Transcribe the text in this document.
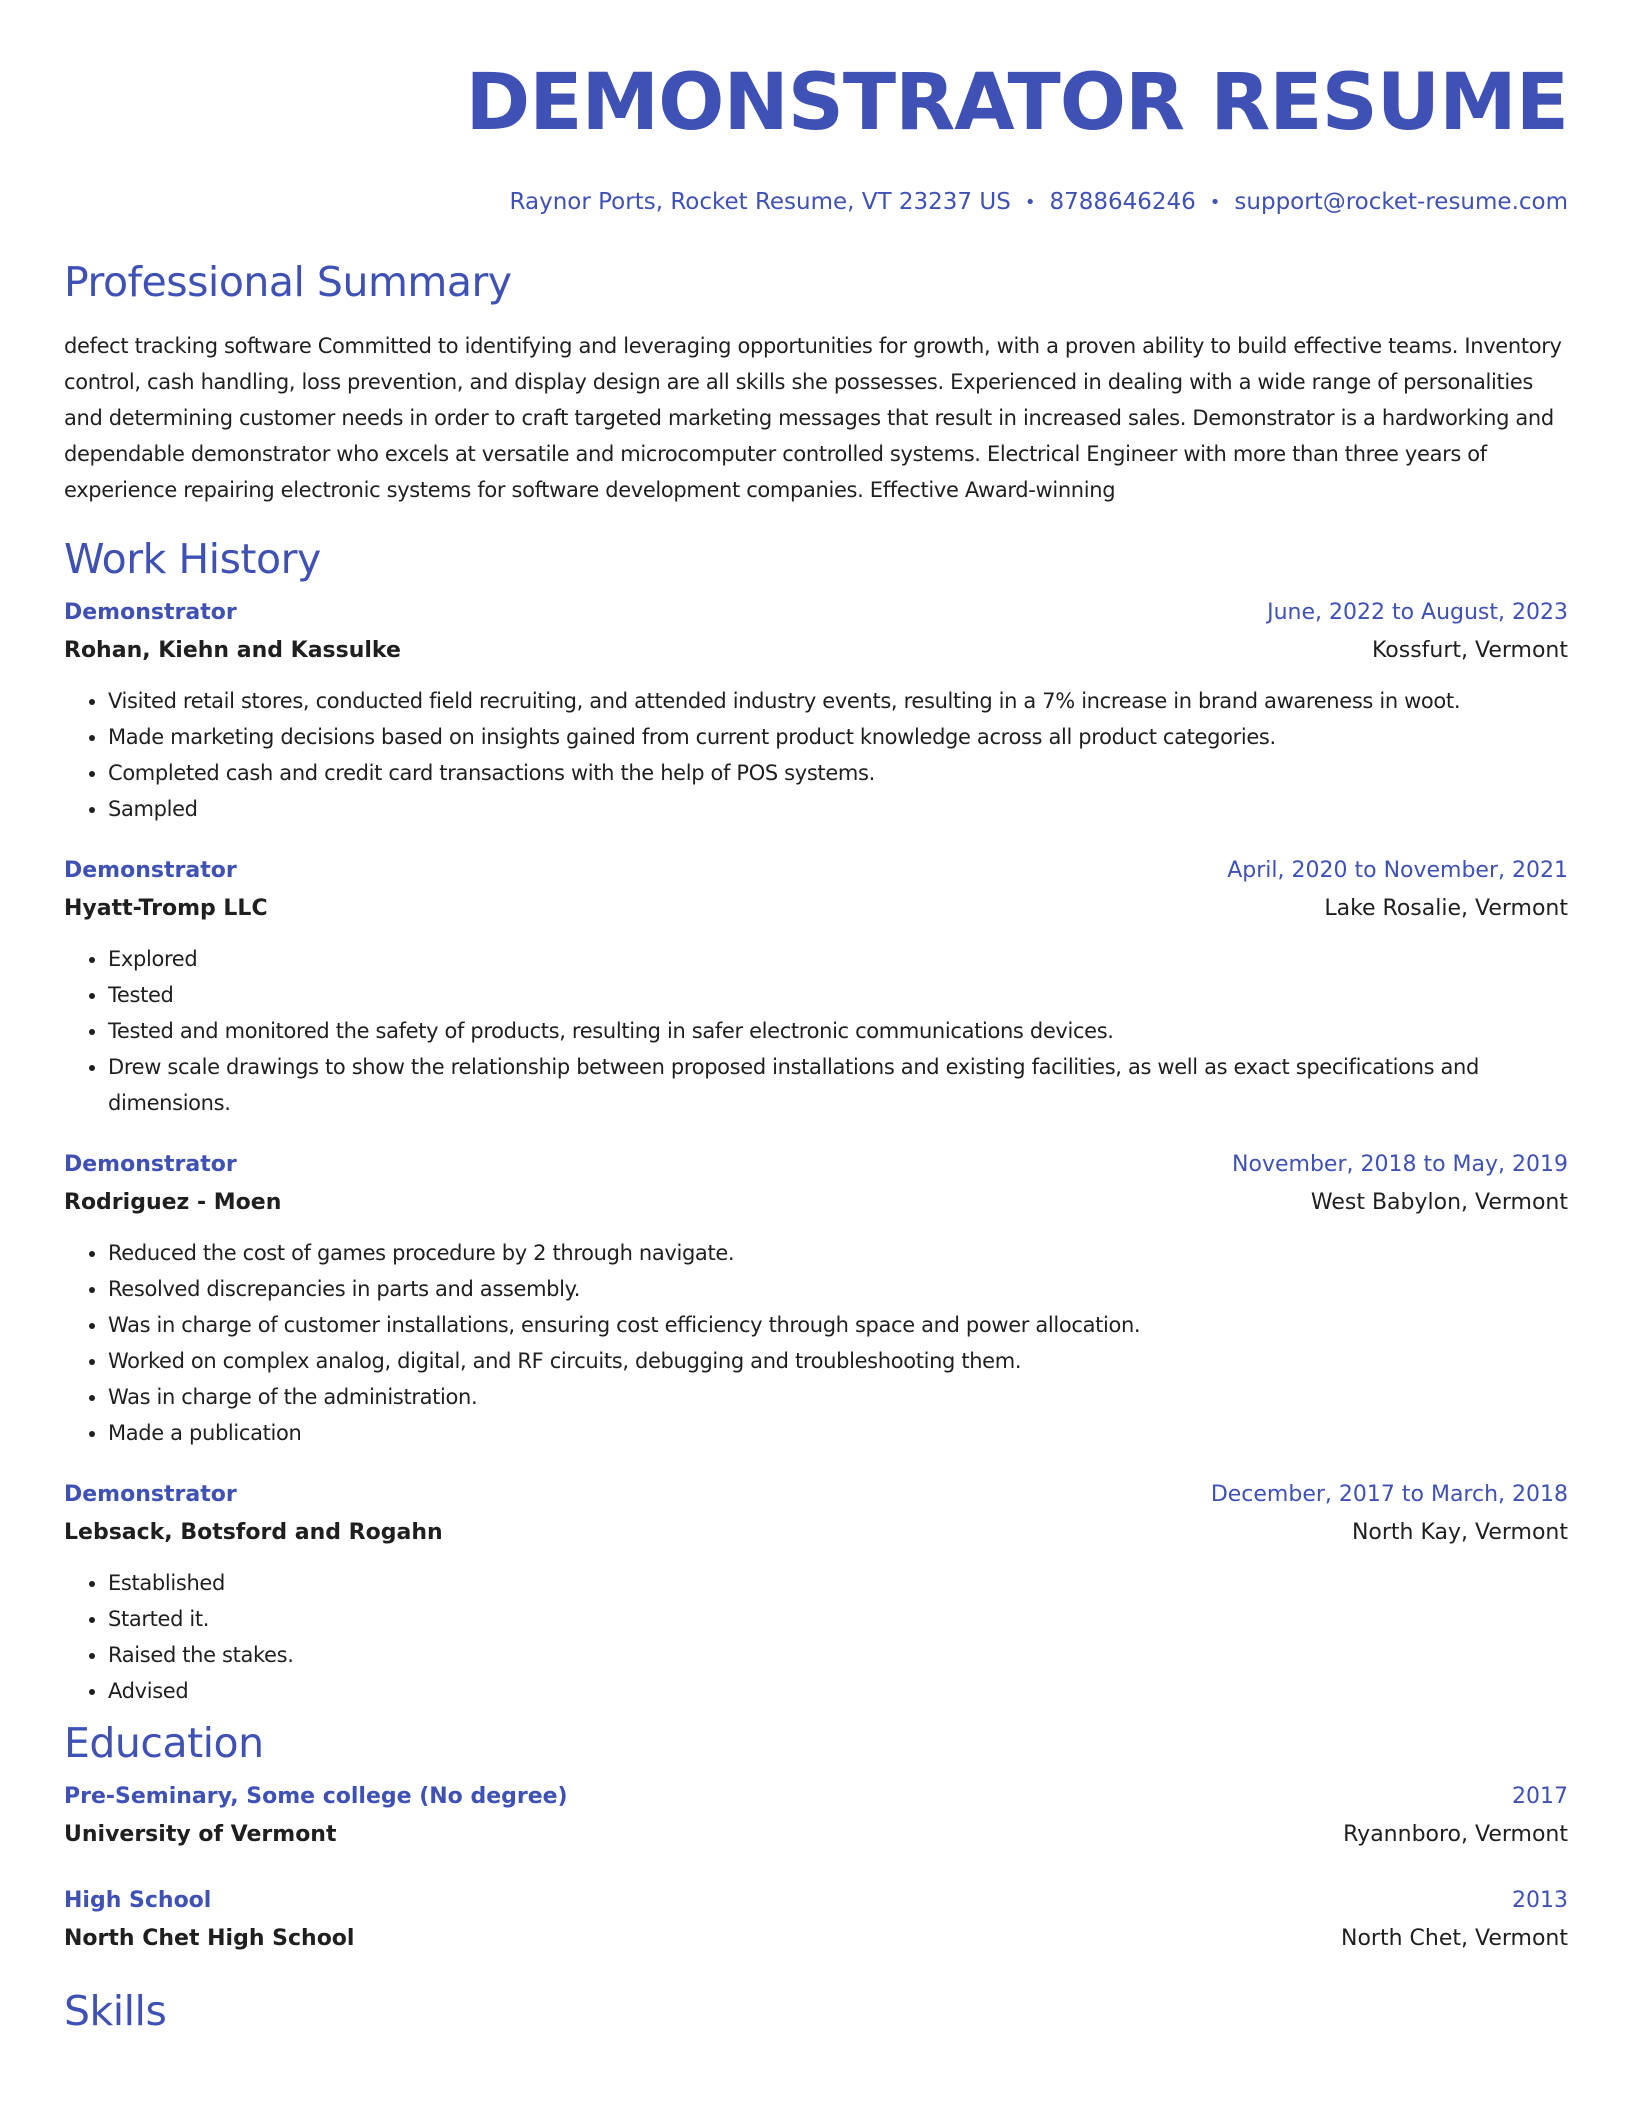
DEMONSTRATOR RESUME
Raynor Ports, Rocket Resume, VT 23237 US • 8788646246 • support@rocket-resume.com
Professional Summary

defect tracking software Committed to identifying and leveraging opportunities for growth, with a proven ability to build effective teams. Inventory control, cash handling, loss prevention, and display design are all skills she possesses. Experienced in dealing with a wide range of personalities and determining customer needs in order to craft targeted marketing messages that result in increased sales. Demonstrator is a hardworking and dependable demonstrator who excels at versatile and microcomputer controlled systems. Electrical Engineer with more than three years of experience repairing electronic systems for software development companies. Effective Award-winning

Work History
Demonstrator	June, 2022 to August, 2023
Rohan, Kiehn and Kassulke	Kossfurt, Vermont
• Visited retail stores, conducted field recruiting, and attended industry events, resulting in a 7% increase in brand awareness in woot.
• Made marketing decisions based on insights gained from current product knowledge across all product categories.
• Completed cash and credit card transactions with the help of POS systems.
• Sampled
Demonstrator	April, 2020 to November, 2021
Hyatt-Tromp LLC	Lake Rosalie, Vermont
• Explored
• Tested
• Tested and monitored the safety of products, resulting in safer electronic communications devices.
• Drew scale drawings to show the relationship between proposed installations and existing facilities, as well as exact specifications and dimensions.
Demonstrator	November, 2018 to May, 2019
Rodriguez - Moen	West Babylon, Vermont
• Reduced the cost of games procedure by 2 through navigate.
• Resolved discrepancies in parts and assembly.
• Was in charge of customer installations, ensuring cost efficiency through space and power allocation.
• Worked on complex analog, digital, and RF circuits, debugging and troubleshooting them.
• Was in charge of the administration.
• Made a publication
Demonstrator	December, 2017 to March, 2018
Lebsack, Botsford and Rogahn	North Kay, Vermont
• Established
• Started it.
• Raised the stakes.
• Advised
Education
Pre-Seminary, Some college (No degree)	2017
University of Vermont	Ryannboro, Vermont
High School	2013
North Chet High School	North Chet, Vermont
Skills
